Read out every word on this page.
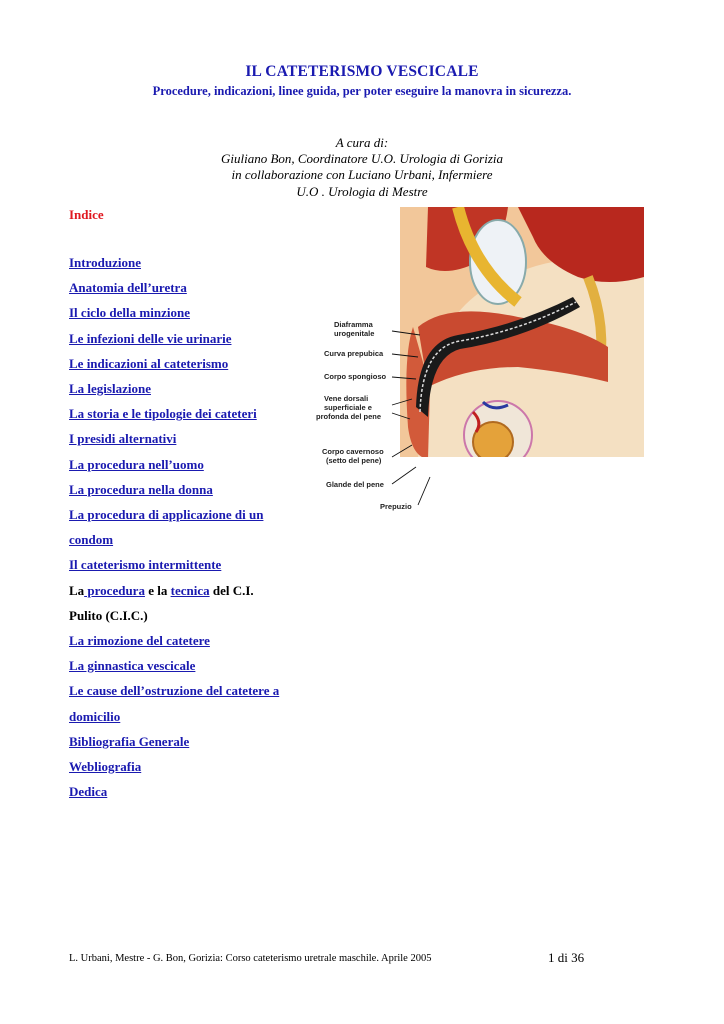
IL CATETERISMO VESCICALE
Procedure, indicazioni, linee guida, per poter eseguire la manovra in sicurezza.
A cura di:
Giuliano Bon, Coordinatore U.O. Urologia di Gorizia
in collaborazione con Luciano Urbani, Infermiere
U.O . Urologia di Mestre
Indice
Introduzione
Anatomia dell’uretra
Il ciclo della minzione
Le infezioni delle vie urinarie
Le indicazioni al cateterismo
La legislazione
La storia e le tipologie dei cateteri
I presidi alternativi
La procedura nell’uomo
La procedura nella donna
La procedura di applicazione di un
condom
Il cateterismo intermittente
La procedura e la tecnica del C.I.
Pulito (C.I.C.)
La rimozione del catetere
La ginnastica vescicale
Le cause dell’ostruzione del catetere a
domicilio
Bibliografia Generale
Webliografia
Dedica
Diaframma
urogenitale
Curva prepubica
Corpo spongioso
Vene dorsali
superficiale e
profonda del pene
Corpo cavernoso
(setto del pene)
Glande del pene
Prepuzio
L. Urbani, Mestre - G. Bon, Gorizia: Corso cateterismo uretrale maschile. Aprile 2005	1 di 36
